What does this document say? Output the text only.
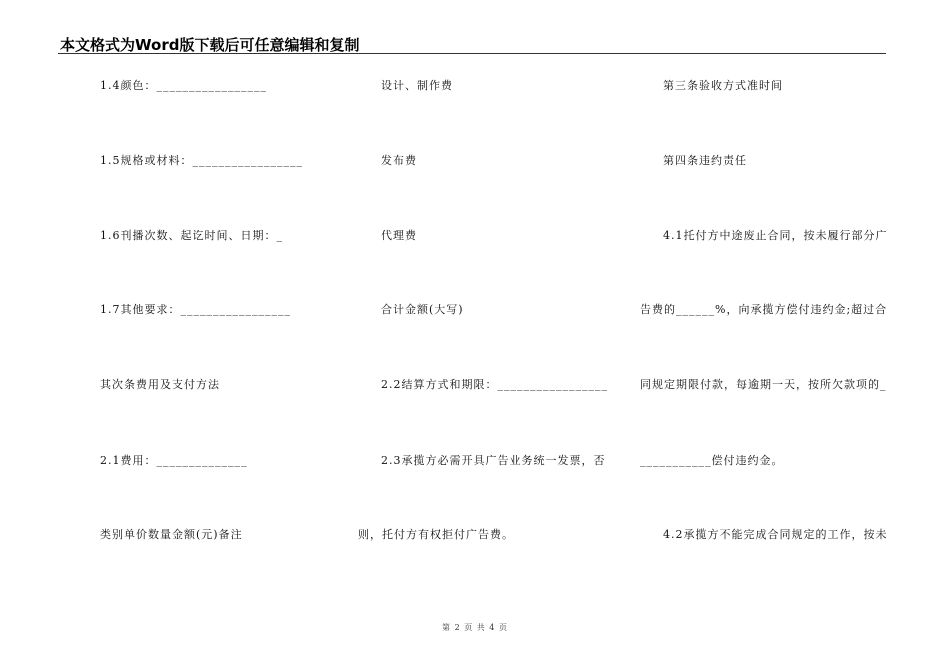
本文格式为Word版下载后可任意编辑和复制
1.4颜色：_________________
1.5规格或材料：_________________
1.6刊播次数、起讫时间、日期：_
1.7其他要求：_________________
其次条费用及支付方法
2.1费用：______________
类别单价数量金额(元)备注
设计、制作费
发布费
代理费
合计金额(大写)
2.2结算方式和期限：_________________
2.3承揽方必需开具广告业务统一发票，否
则，托付方有权拒付广告费。
第三条验收方式准时间
第四条违约责任
4.1托付方中途废止合同，按未履行部分广
告费的______%，向承揽方偿付违约金;超过合
同规定期限付款，每逾期一天，按所欠款项的_
___________偿付违约金。
4.2承揽方不能完成合同规定的工作，按未
第 2 页 共 4 页
